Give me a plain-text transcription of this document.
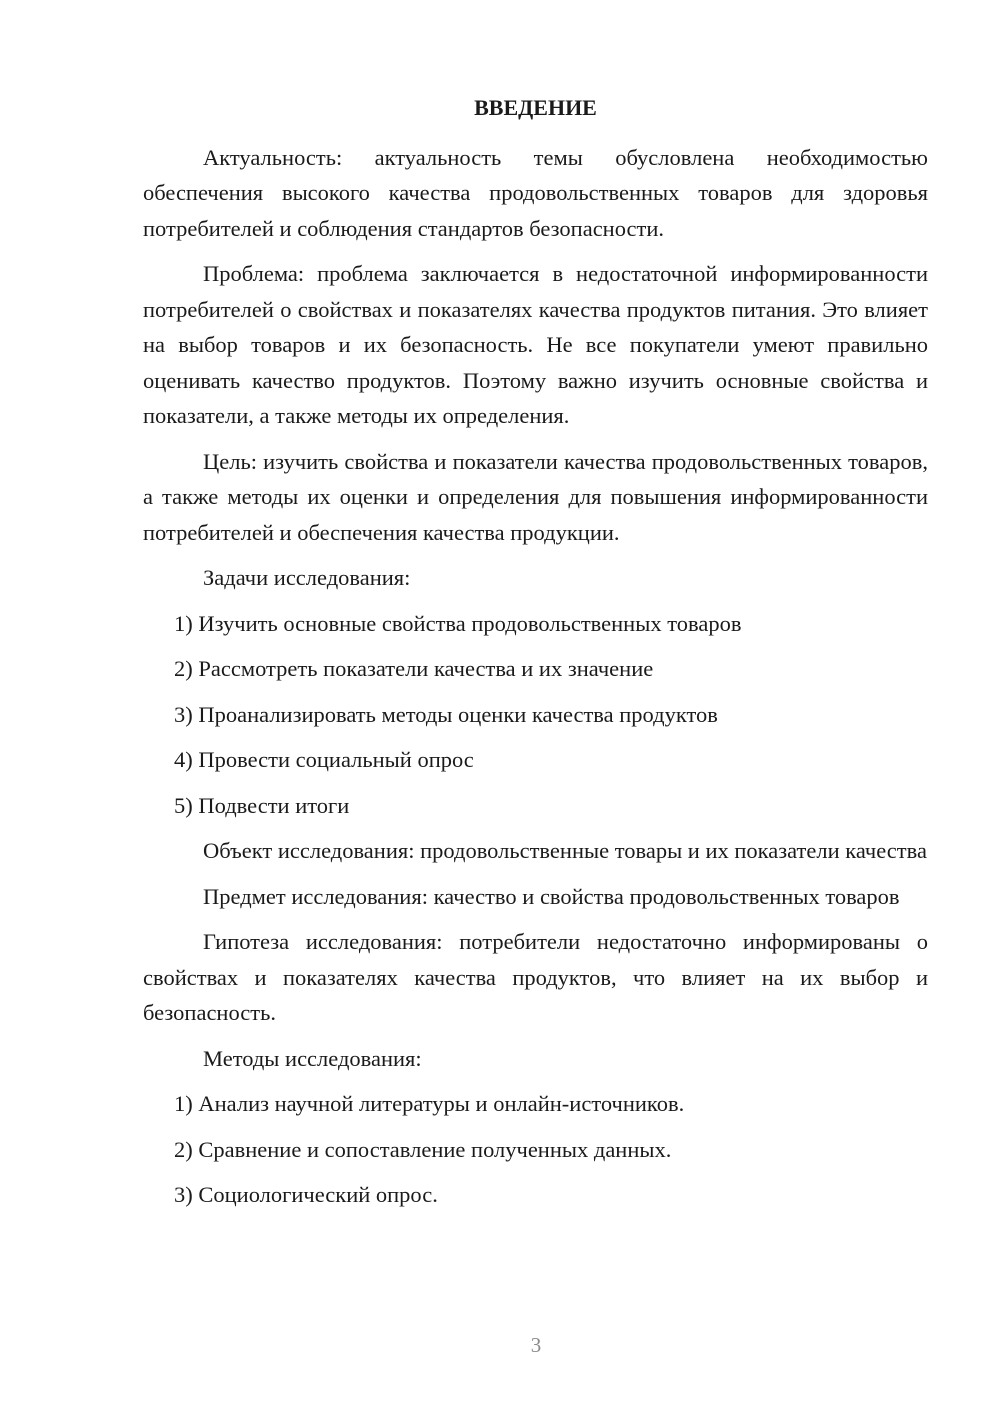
ВВЕДЕНИЕ

Актуальность: актуальность темы обусловлена необходимостью обеспечения высокого качества продовольственных товаров для здоровья потребителей и соблюдения стандартов безопасности.

Проблема: проблема заключается в недостаточной информированности потребителей о свойствах и показателях качества продуктов питания. Это влияет на выбор товаров и их безопасность. Не все покупатели умеют правильно оценивать качество продуктов. Поэтому важно изучить основные свойства и показатели, а также методы их определения.

Цель: изучить свойства и показатели качества продовольственных товаров, а также методы их оценки и определения для повышения информированности потребителей и обеспечения качества продукции.

Задачи исследования:

1) Изучить основные свойства продовольственных товаров

2) Рассмотреть показатели качества и их значение

3) Проанализировать методы оценки качества продуктов

4) Провести социальный опрос

5) Подвести итоги

Объект исследования: продовольственные товары и их показатели качества

Предмет исследования: качество и свойства продовольственных товаров

Гипотеза исследования: потребители недостаточно информированы о свойствах и показателях качества продуктов, что влияет на их выбор и безопасность.

Методы исследования:

1) Анализ научной литературы и онлайн-источников.

2) Сравнение и сопоставление полученных данных.

3) Социологический опрос.

3
